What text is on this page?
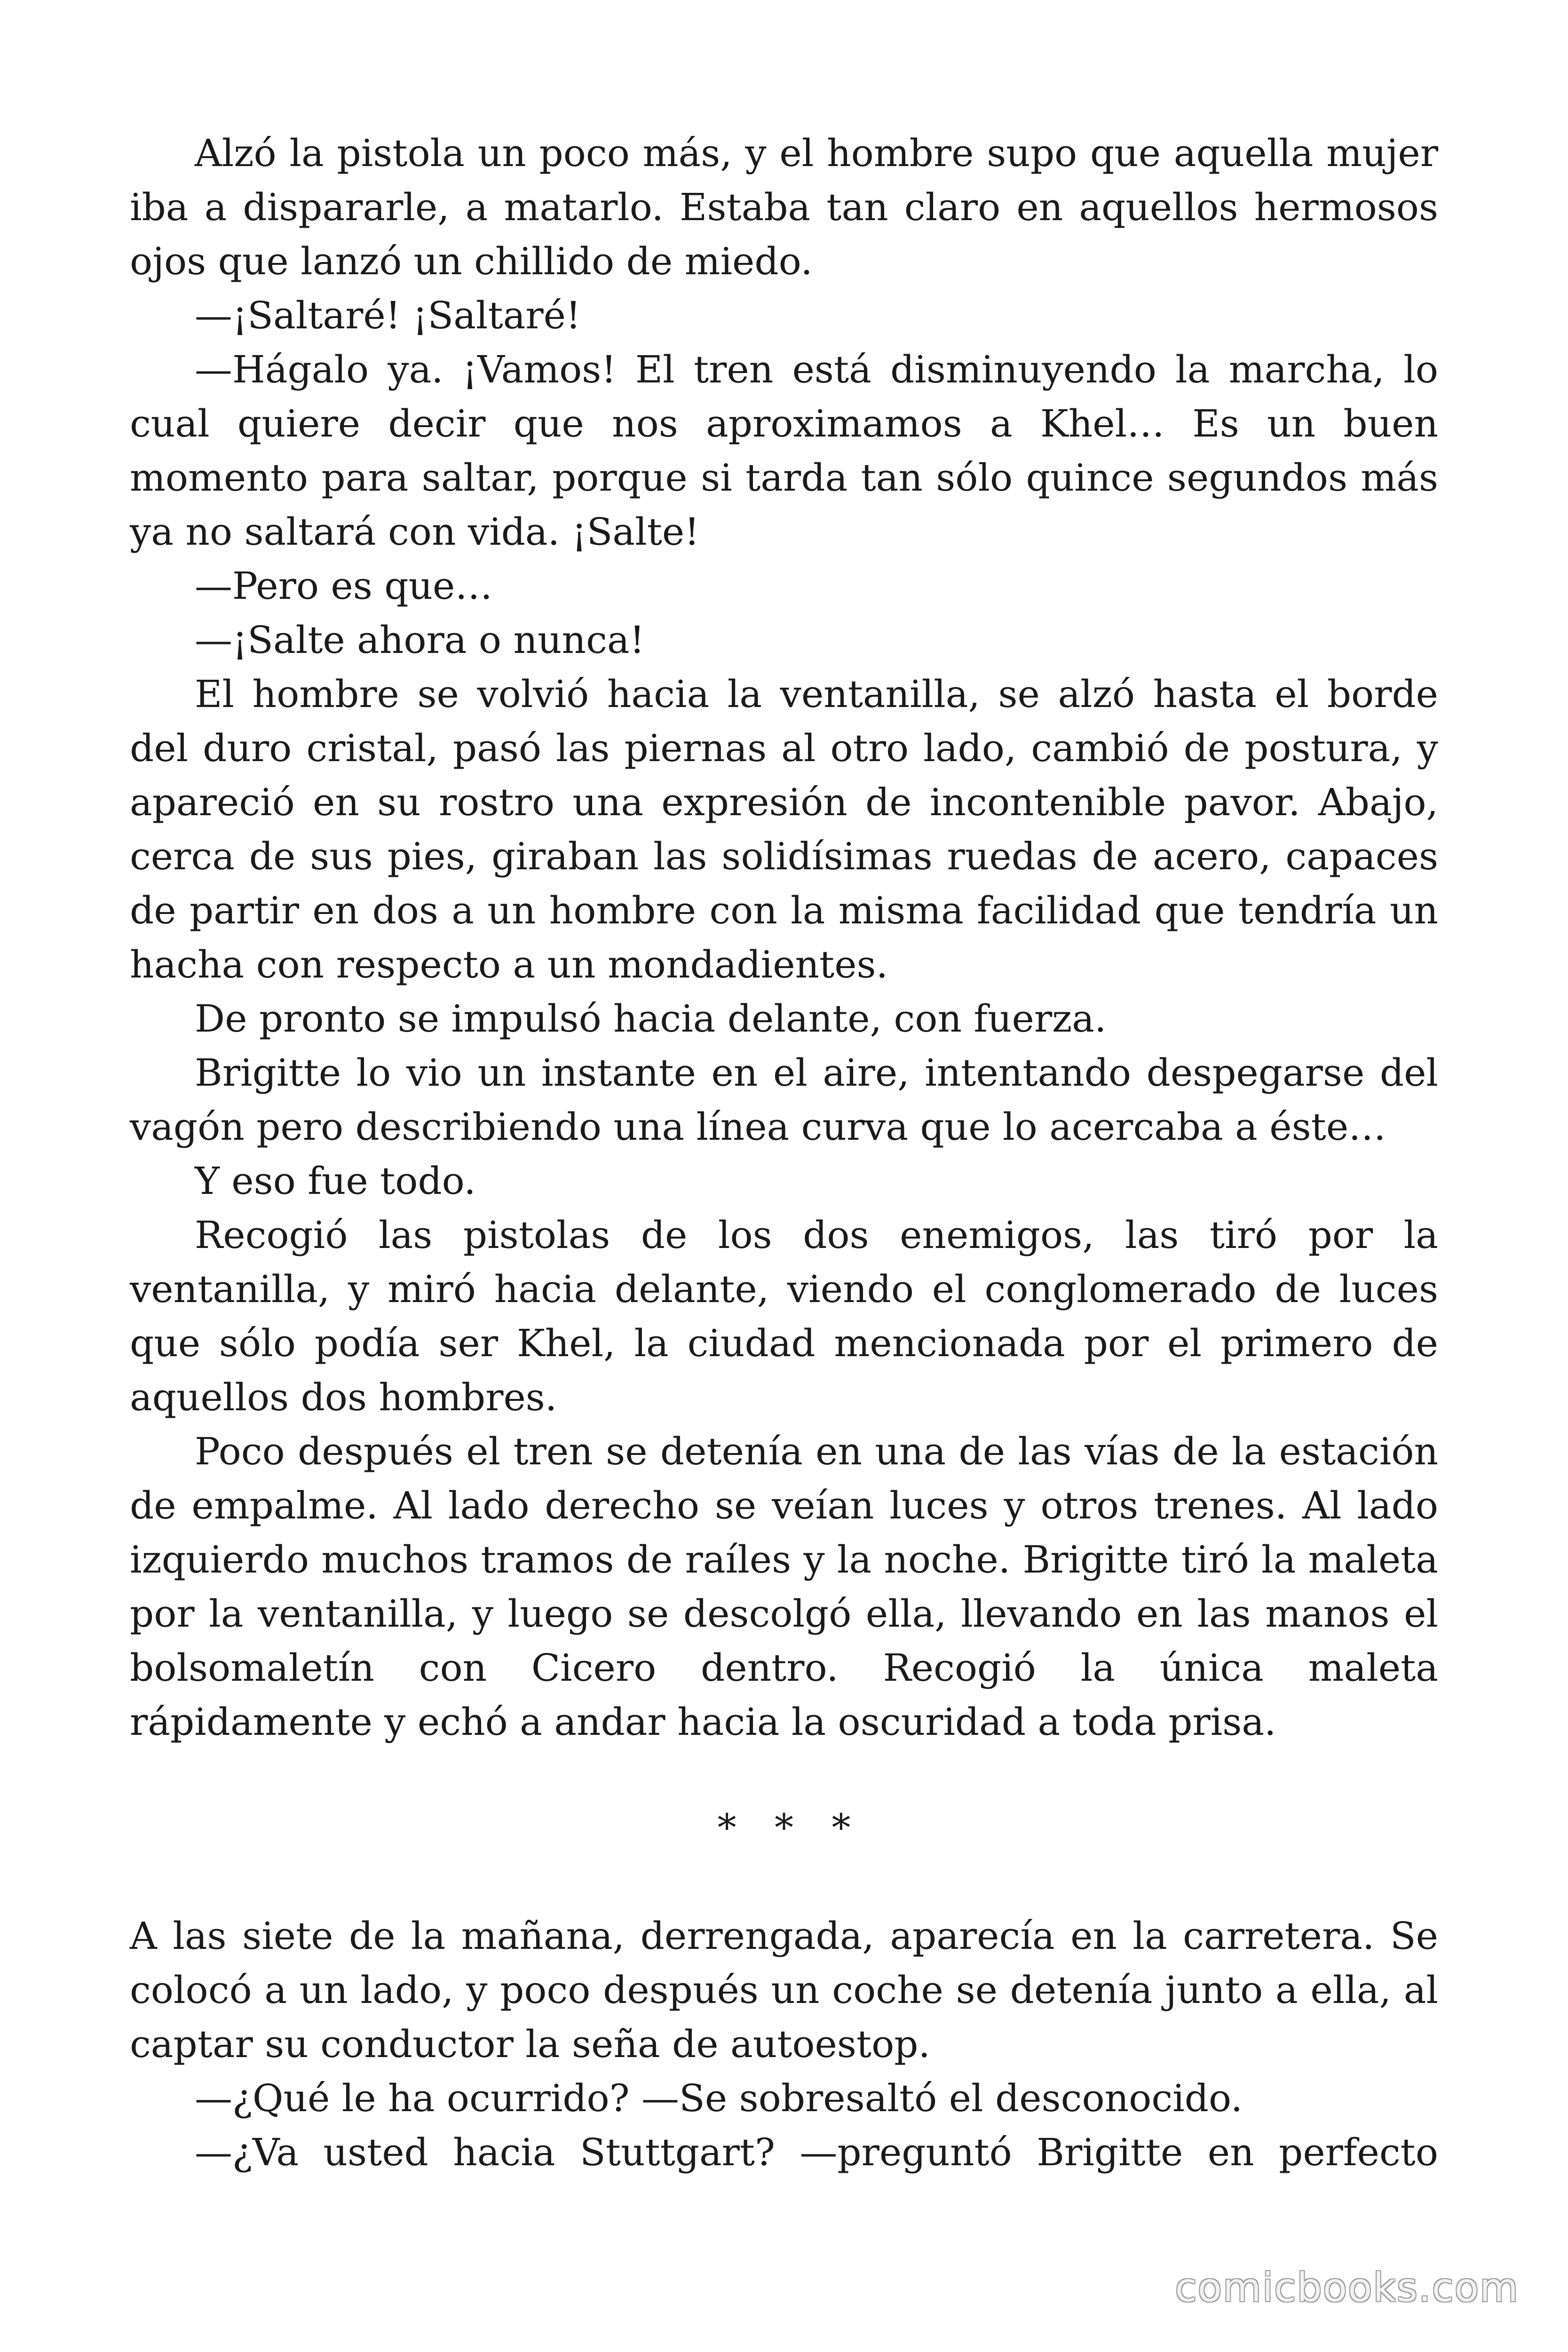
Alzó la pistola un poco más, y el hombre supo que aquella mujer iba a dispararle, a matarlo. Estaba tan claro en aquellos hermosos ojos que lanzó un chillido de miedo.

—¡Saltaré! ¡Saltaré!

—Hágalo ya. ¡Vamos! El tren está disminuyendo la marcha, lo cual quiere decir que nos aproximamos a Khel… Es un buen momento para saltar, porque si tarda tan sólo quince segundos más ya no saltará con vida. ¡Salte!

—Pero es que…

—¡Salte ahora o nunca!

El hombre se volvió hacia la ventanilla, se alzó hasta el borde del duro cristal, pasó las piernas al otro lado, cambió de postura, y apareció en su rostro una expresión de incontenible pavor. Abajo, cerca de sus pies, giraban las solidísimas ruedas de acero, capaces de partir en dos a un hombre con la misma facilidad que tendría un hacha con respecto a un mondadientes.

De pronto se impulsó hacia delante, con fuerza.

Brigitte lo vio un instante en el aire, intentando despegarse del vagón pero describiendo una línea curva que lo acercaba a éste…

Y eso fue todo.

Recogió las pistolas de los dos enemigos, las tiró por la ventanilla, y miró hacia delante, viendo el conglomerado de luces que sólo podía ser Khel, la ciudad mencionada por el primero de aquellos dos hombres.

Poco después el tren se detenía en una de las vías de la estación de empalme. Al lado derecho se veían luces y otros trenes. Al lado izquierdo muchos tramos de raíles y la noche. Brigitte tiró la maleta por la ventanilla, y luego se descolgó ella, llevando en las manos el bolsomaletín con Cicero dentro. Recogió la única maleta rápidamente y echó a andar hacia la oscuridad a toda prisa.

* * *

A las siete de la mañana, derrengada, aparecía en la carretera. Se colocó a un lado, y poco después un coche se detenía junto a ella, al captar su conductor la seña de autoestop.

—¿Qué le ha ocurrido? —Se sobresaltó el desconocido.

—¿Va usted hacia Stuttgart? —preguntó Brigitte en perfecto

comicbooks.com
